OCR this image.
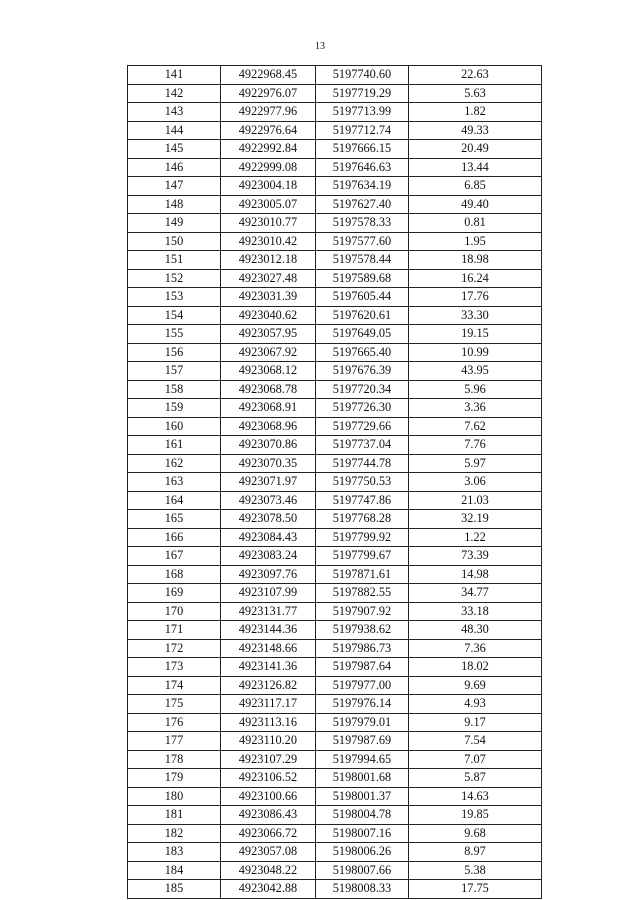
13
141	4922968.45	5197740.60	22.63
142	4922976.07	5197719.29	5.63
143	4922977.96	5197713.99	1.82
144	4922976.64	5197712.74	49.33
145	4922992.84	5197666.15	20.49
146	4922999.08	5197646.63	13.44
147	4923004.18	5197634.19	6.85
148	4923005.07	5197627.40	49.40
149	4923010.77	5197578.33	0.81
150	4923010.42	5197577.60	1.95
151	4923012.18	5197578.44	18.98
152	4923027.48	5197589.68	16.24
153	4923031.39	5197605.44	17.76
154	4923040.62	5197620.61	33.30
155	4923057.95	5197649.05	19.15
156	4923067.92	5197665.40	10.99
157	4923068.12	5197676.39	43.95
158	4923068.78	5197720.34	5.96
159	4923068.91	5197726.30	3.36
160	4923068.96	5197729.66	7.62
161	4923070.86	5197737.04	7.76
162	4923070.35	5197744.78	5.97
163	4923071.97	5197750.53	3.06
164	4923073.46	5197747.86	21.03
165	4923078.50	5197768.28	32.19
166	4923084.43	5197799.92	1.22
167	4923083.24	5197799.67	73.39
168	4923097.76	5197871.61	14.98
169	4923107.99	5197882.55	34.77
170	4923131.77	5197907.92	33.18
171	4923144.36	5197938.62	48.30
172	4923148.66	5197986.73	7.36
173	4923141.36	5197987.64	18.02
174	4923126.82	5197977.00	9.69
175	4923117.17	5197976.14	4.93
176	4923113.16	5197979.01	9.17
177	4923110.20	5197987.69	7.54
178	4923107.29	5197994.65	7.07
179	4923106.52	5198001.68	5.87
180	4923100.66	5198001.37	14.63
181	4923086.43	5198004.78	19.85
182	4923066.72	5198007.16	9.68
183	4923057.08	5198006.26	8.97
184	4923048.22	5198007.66	5.38
185	4923042.88	5198008.33	17.75
